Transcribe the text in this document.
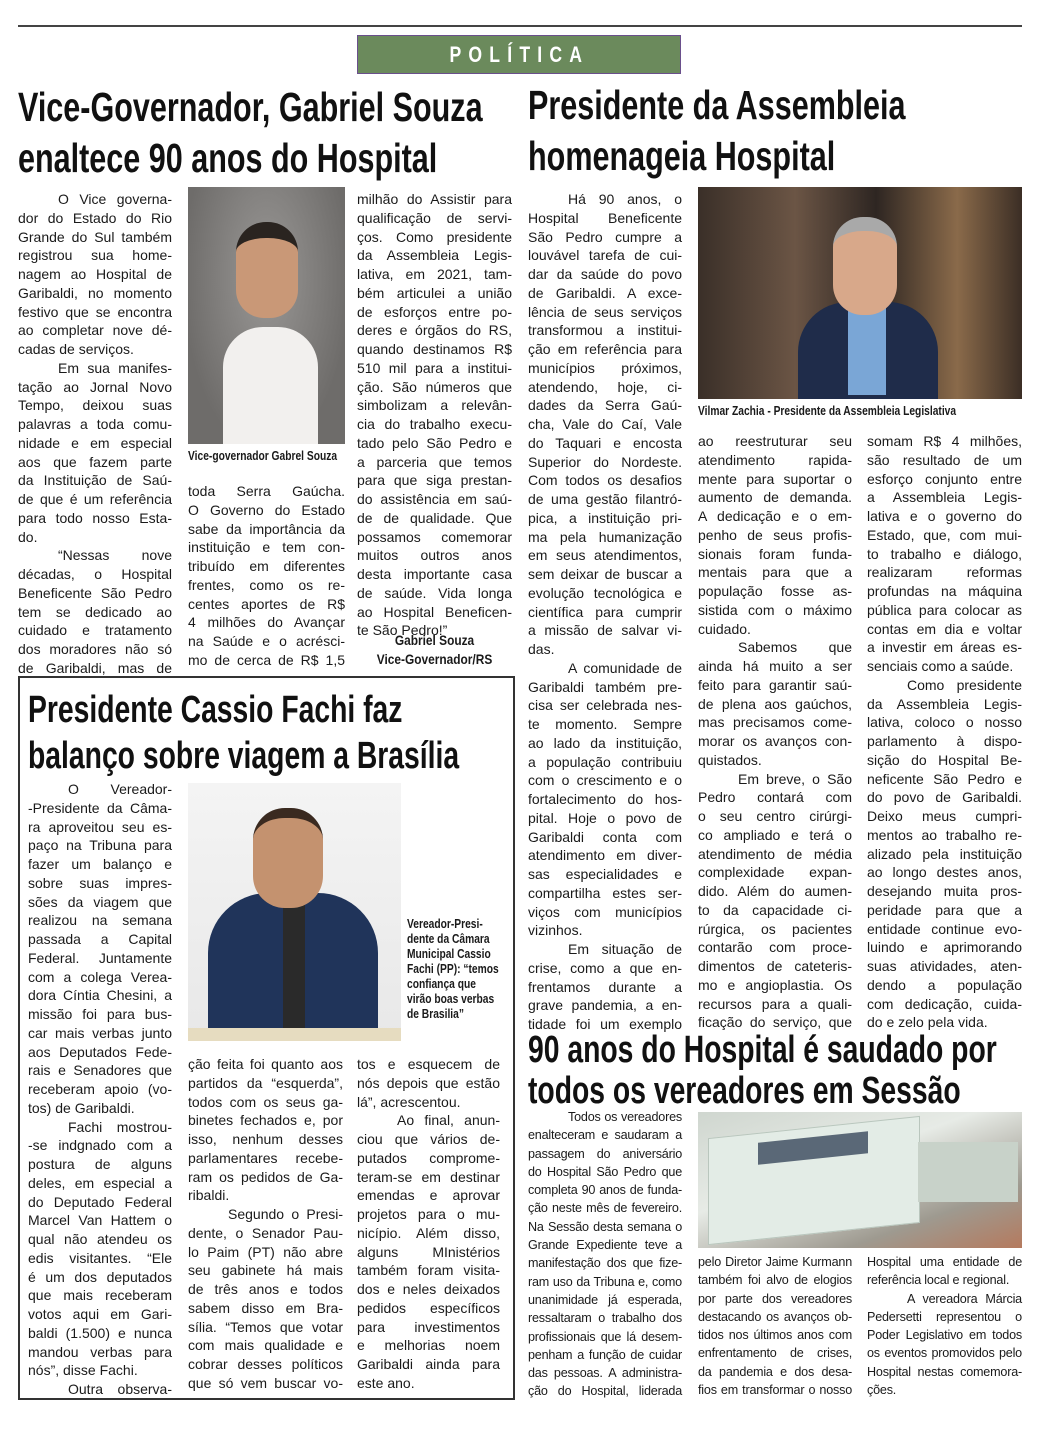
POLÍTICA
Vice-Governador, Gabriel Souza
enaltece 90 anos do Hospital
O Vice governa-
dor do Estado do Rio
Grande do Sul também
registrou sua home-
nagem ao Hospital de
Garibaldi, no momento
festivo que se encontra
ao completar nove dé-
cadas de serviços.
Em sua manifes-
tação ao Jornal Novo
Tempo, deixou suas
palavras a toda comu-
nidade e em especial
aos que fazem parte
da Instituição de Saú-
de que é um referência
para todo nosso Esta-
do.
“Nessas nove
décadas, o Hospital
Beneficente São Pedro
tem se dedicado ao
cuidado e tratamento
dos moradores não só
de Garibaldi, mas de
Vice-governador Gabrel Souza
toda Serra Gaúcha.
O Governo do Estado
sabe da importância da
instituição e tem con-
tribuído em diferentes
frentes, como os re-
centes aportes de R$
4 milhões do Avançar
na Saúde e o acrésci-
mo de cerca de R$ 1,5
milhão do Assistir para
qualificação de servi-
ços. Como presidente
da Assembleia Legis-
lativa, em 2021, tam-
bém articulei a união
de esforços entre po-
deres e órgãos do RS,
quando destinamos R$
510 mil para a institui-
ção. São números que
simbolizam a relevân-
cia do trabalho execu-
tado pelo São Pedro e
a parceria que temos
para que siga prestan-
do assistência em saú-
de de qualidade. Que
possamos comemorar
muitos outros anos
desta importante casa
de saúde. Vida longa
ao Hospital Beneficen-
te São Pedro!”
Gabriel Souza
Vice-Governador/RS
Presidente da Assembleia
homenageia Hospital
Há 90 anos, o
Hospital Beneficente
São Pedro cumpre a
louvável tarefa de cui-
dar da saúde do povo
de Garibaldi. A exce-
lência de seus serviços
transformou a institui-
ção em referência para
municípios próximos,
atendendo, hoje, ci-
dades da Serra Gaú-
cha, Vale do Caí, Vale
do Taquari e encosta
Superior do Nordeste.
Com todos os desafios
de uma gestão filantró-
pica, a instituição pri-
ma pela humanização
em seus atendimentos,
sem deixar de buscar a
evolução tecnológica e
científica para cumprir
a missão de salvar vi-
das.
A comunidade de
Garibaldi também pre-
cisa ser celebrada nes-
te momento. Sempre
ao lado da instituição,
a população contribuiu
com o crescimento e o
fortalecimento do hos-
pital. Hoje o povo de
Garibaldi conta com
atendimento em diver-
sas especialidades e
compartilha estes ser-
viços com municípios
vizinhos.
Em situação de
crise, como a que en-
frentamos durante a
grave pandemia, a en-
tidade foi um exemplo
Vilmar Zachia - Presidente da Assembleia Legislativa
ao reestruturar seu
atendimento rapida-
mente para suportar o
aumento de demanda.
A dedicação e o em-
penho de seus profis-
sionais foram funda-
mentais para que a
população fosse as-
sistida com o máximo
cuidado.
Sabemos que
ainda há muito a ser
feito para garantir saú-
de plena aos gaúchos,
mas precisamos come-
morar os avanços con-
quistados.
Em breve, o São
Pedro contará com
o seu centro cirúrgi-
co ampliado e terá o
atendimento de média
complexidade expan-
dido. Além do aumen-
to da capacidade ci-
rúrgica, os pacientes
contarão com proce-
dimentos de cateteris-
mo e angioplastia. Os
recursos para a quali-
ficação do serviço, que
somam R$ 4 milhões,
são resultado de um
esforço conjunto entre
a Assembleia Legis-
lativa e o governo do
Estado, que, com mui-
to trabalho e diálogo,
realizaram reformas
profundas na máquina
pública para colocar as
contas em dia e voltar
a investir em áreas es-
senciais como a saúde.
Como presidente
da Assembleia Legis-
lativa, coloco o nosso
parlamento à dispo-
sição do Hospital Be-
neficente São Pedro e
do povo de Garibaldi.
Deixo meus cumpri-
mentos ao trabalho re-
alizado pela instituição
ao longo destes anos,
desejando muita pros-
peridade para que a
entidade continue evo-
luindo e aprimorando
suas atividades, aten-
dendo a população
com dedicação, cuida-
do e zelo pela vida.
Presidente Cassio Fachi faz
balanço sobre viagem a Brasília
O Vereador-
-Presidente da Câma-
ra aproveitou seu es-
paço na Tribuna para
fazer um balanço e
sobre suas impres-
sões da viagem que
realizou na semana
passada a Capital
Federal. Juntamente
com a colega Verea-
dora Cíntia Chesini, a
missão foi para bus-
car mais verbas junto
aos Deputados Fede-
rais e Senadores que
receberam apoio (vo-
tos) de Garibaldi.
Fachi mostrou-
-se indgnado com a
postura de alguns
deles, em especial a
do Deputado Federal
Marcel Van Hattem o
qual não atendeu os
edis visitantes. “Ele
é um dos deputados
que mais receberam
votos aqui em Gari-
baldi (1.500) e nunca
mandou verbas para
nós”, disse Fachi.
Outra observa-
Vereador-Presi-
dente da Câmara
Municipal Cassio
Fachi (PP): “temos
confiança que
virão boas verbas
de Brasilia”
ção feita foi quanto aos
partidos da “esquerda”,
todos com os seus ga-
binetes fechados e, por
isso, nenhum desses
parlamentares recebe-
ram os pedidos de Ga-
ribaldi.
Segundo o Presi-
dente, o Senador Pau-
lo Paim (PT) não abre
seu gabinete há mais
de três anos e todos
sabem disso em Bra-
sília. “Temos que votar
com mais qualidade e
cobrar desses políticos
que só vem buscar vo-
tos e esquecem de
nós depois que estão
lá”, acrescentou.
Ao final, anun-
ciou que vários de-
putados comprome-
teram-se em destinar
emendas e aprovar
projetos para o mu-
nicípio. Além disso,
alguns MInistérios
também foram visita-
dos e neles deixados
pedidos específicos
para investimentos
e melhorias noem
Garibaldi ainda para
este ano.
90 anos do Hospital é saudado por
todos os vereadores em Sessão
Todos os vereadores
enalteceram e saudaram a
passagem do aniversário
do Hospital São Pedro que
completa 90 anos de funda-
ção neste mês de fevereiro.
Na Sessão desta semana o
Grande Expediente teve a
manifestação dos que fize-
ram uso da Tribuna e, como
unanimidade já esperada,
ressaltaram o trabalho dos
profissionais que lá desem-
penham a função de cuidar
das pessoas. A administra-
ção do Hospital, liderada
pelo Diretor Jaime Kurmann
também foi alvo de elogios
por parte dos vereadores
destacando os avanços ob-
tidos nos últimos anos com
enfrentamento de crises,
da pandemia e dos desa-
fios em transformar o nosso
Hospital uma entidade de
referência local e regional.
A vereadora Márcia
Pedersetti representou o
Poder Legislativo em todos
os eventos promovidos pelo
Hospital nestas comemora-
ções.
